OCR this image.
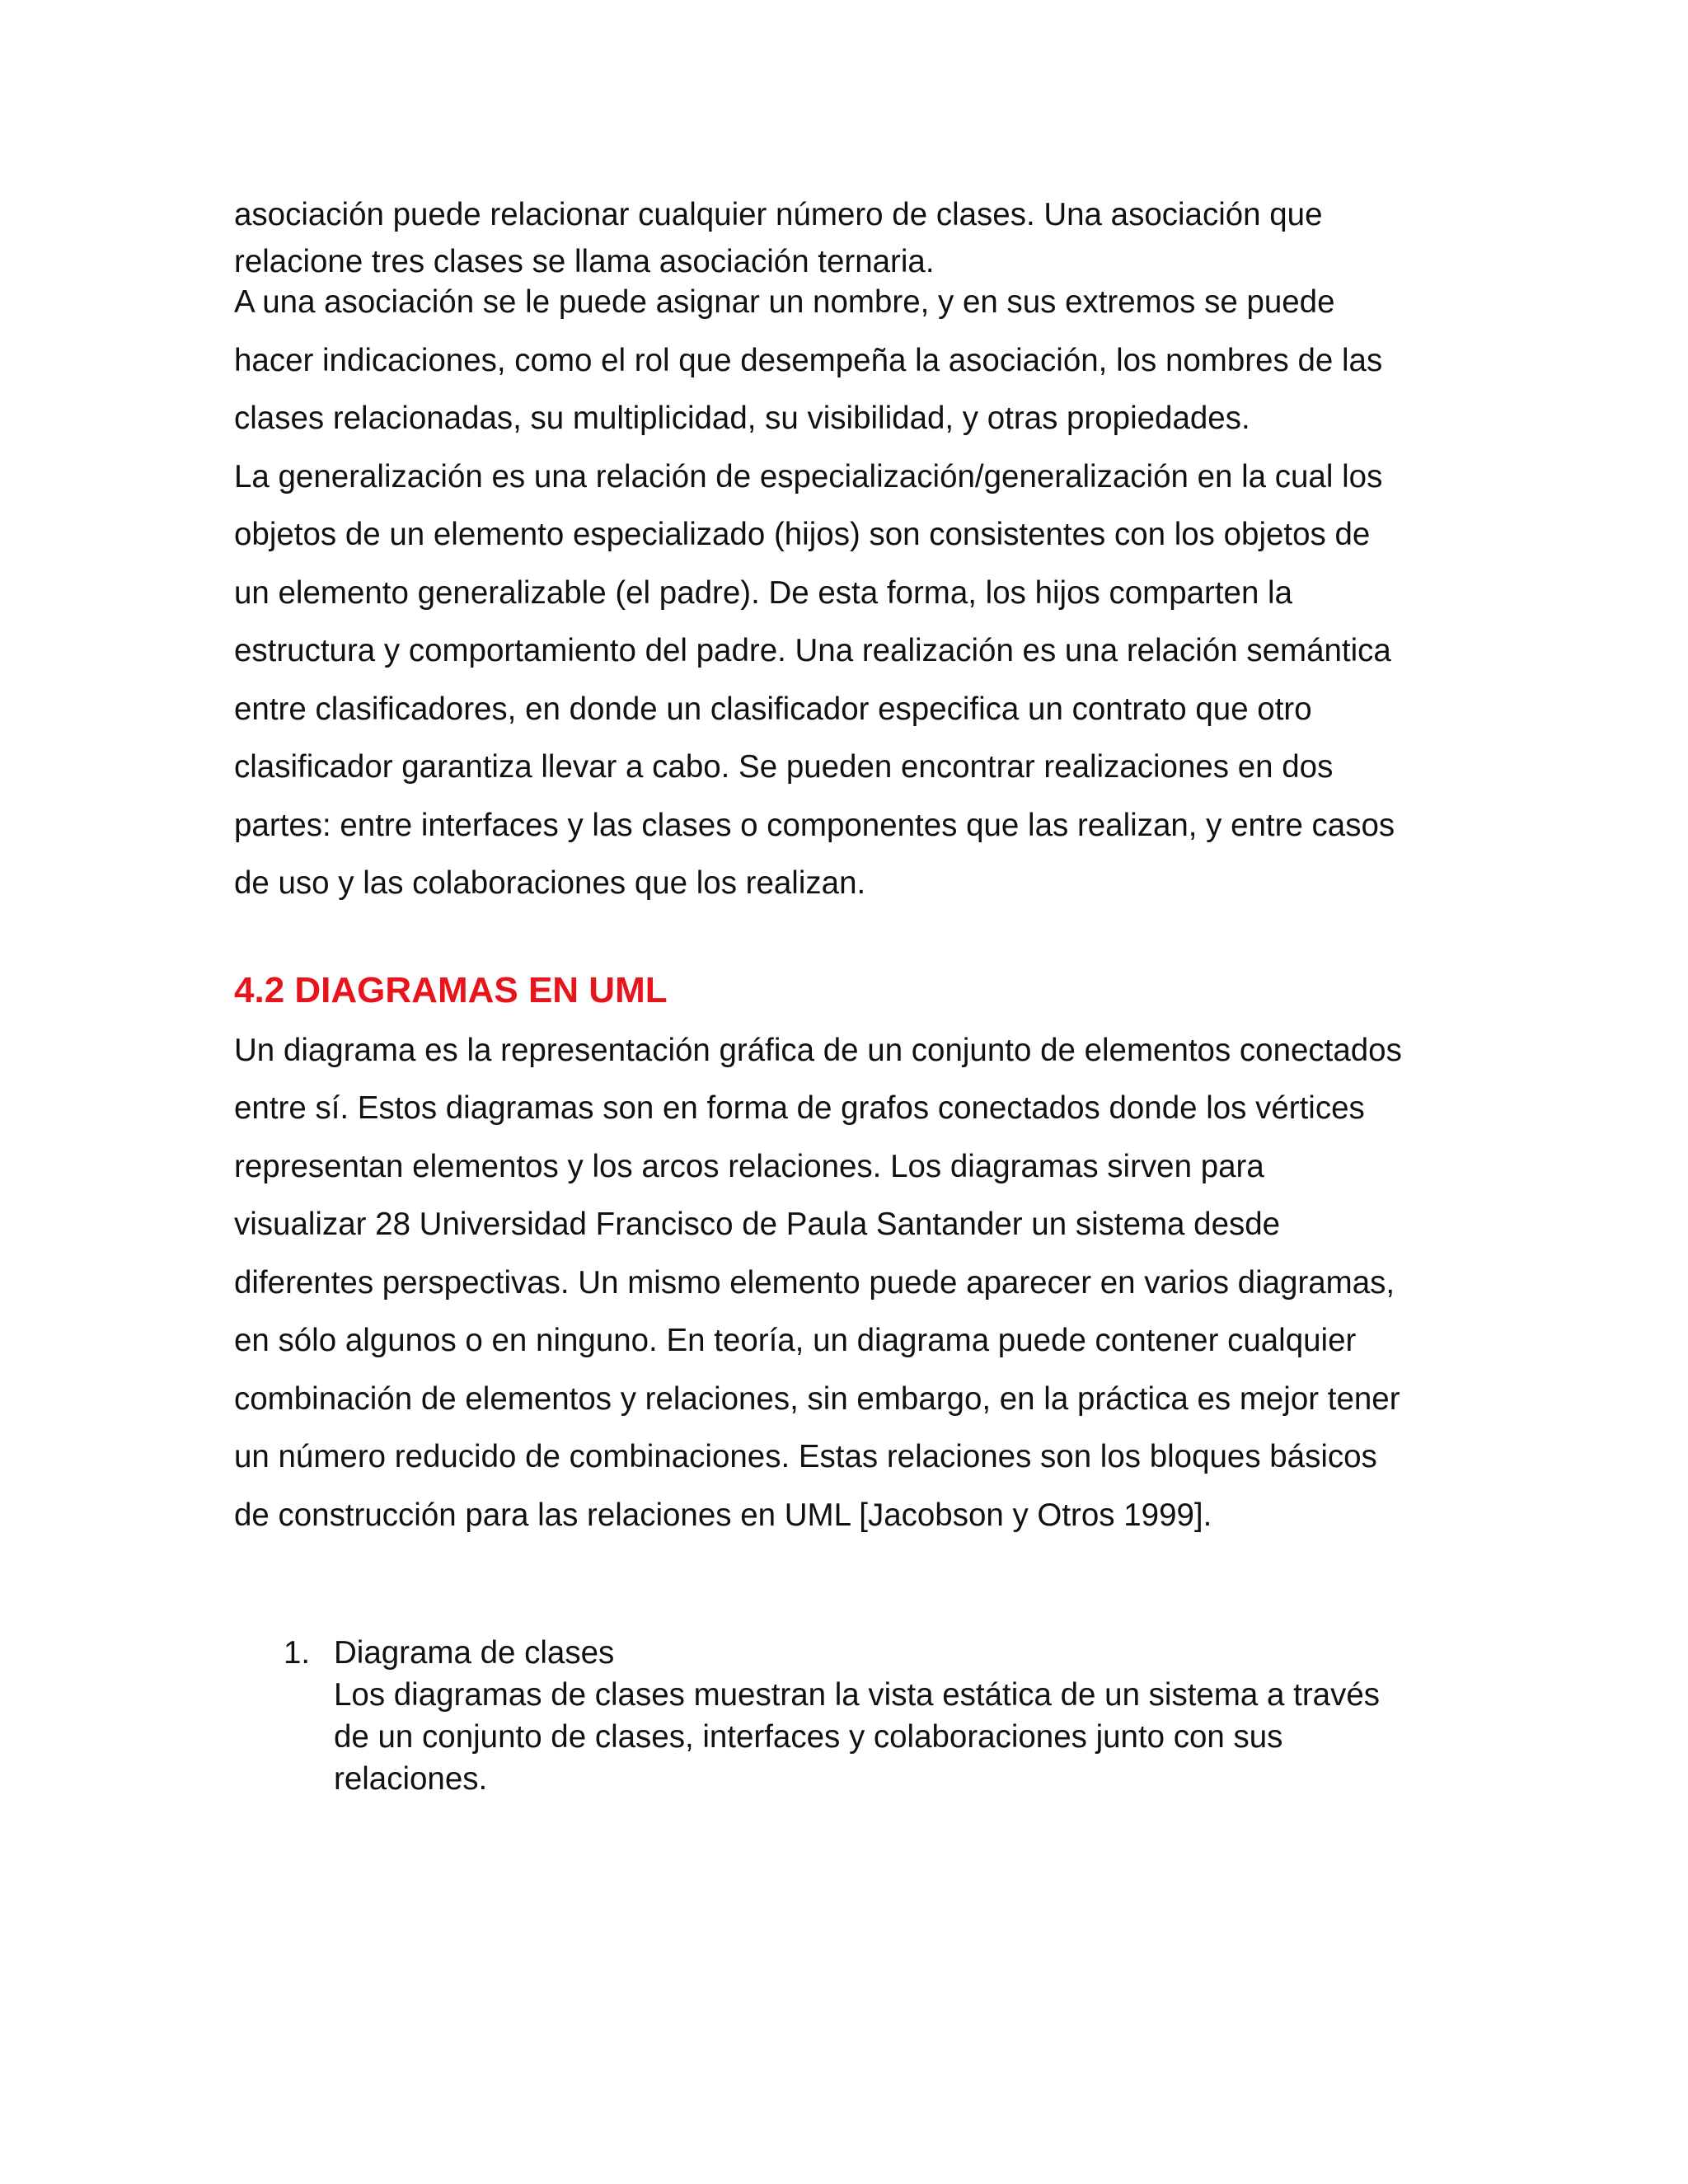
asociación puede relacionar cualquier número de clases. Una asociación que

relacione tres clases se llama asociación ternaria.

A una asociación se le puede asignar un nombre, y en sus extremos se puede

hacer indicaciones, como el rol que desempeña la asociación, los nombres de las

clases relacionadas, su multiplicidad, su visibilidad, y otras propiedades.

La generalización es una relación de especialización/generalización en la cual los

objetos de un elemento especializado (hijos) son consistentes con los objetos de

un elemento generalizable (el padre). De esta forma, los hijos comparten la

estructura y comportamiento del padre. Una realización es una relación semántica

entre clasificadores, en donde un clasificador especifica un contrato que otro

clasificador garantiza llevar a cabo. Se pueden encontrar realizaciones en dos

partes: entre interfaces y las clases o componentes que las realizan, y entre casos

de uso y las colaboraciones que los realizan.

4.2 DIAGRAMAS EN UML

Un diagrama es la representación gráfica de un conjunto de elementos conectados

entre sí. Estos diagramas son en forma de grafos conectados donde los vértices

representan elementos y los arcos relaciones. Los diagramas sirven para

visualizar 28 Universidad Francisco de Paula Santander un sistema desde

diferentes perspectivas. Un mismo elemento puede aparecer en varios diagramas,

en sólo algunos o en ninguno. En teoría, un diagrama puede contener cualquier

combinación de elementos y relaciones, sin embargo, en la práctica es mejor tener

un número reducido de combinaciones. Estas relaciones son los bloques básicos

de construcción para las relaciones en UML [Jacobson y Otros 1999].

1. Diagrama de clases
Los diagramas de clases muestran la vista estática de un sistema a través
de un conjunto de clases, interfaces y colaboraciones junto con sus
relaciones.
